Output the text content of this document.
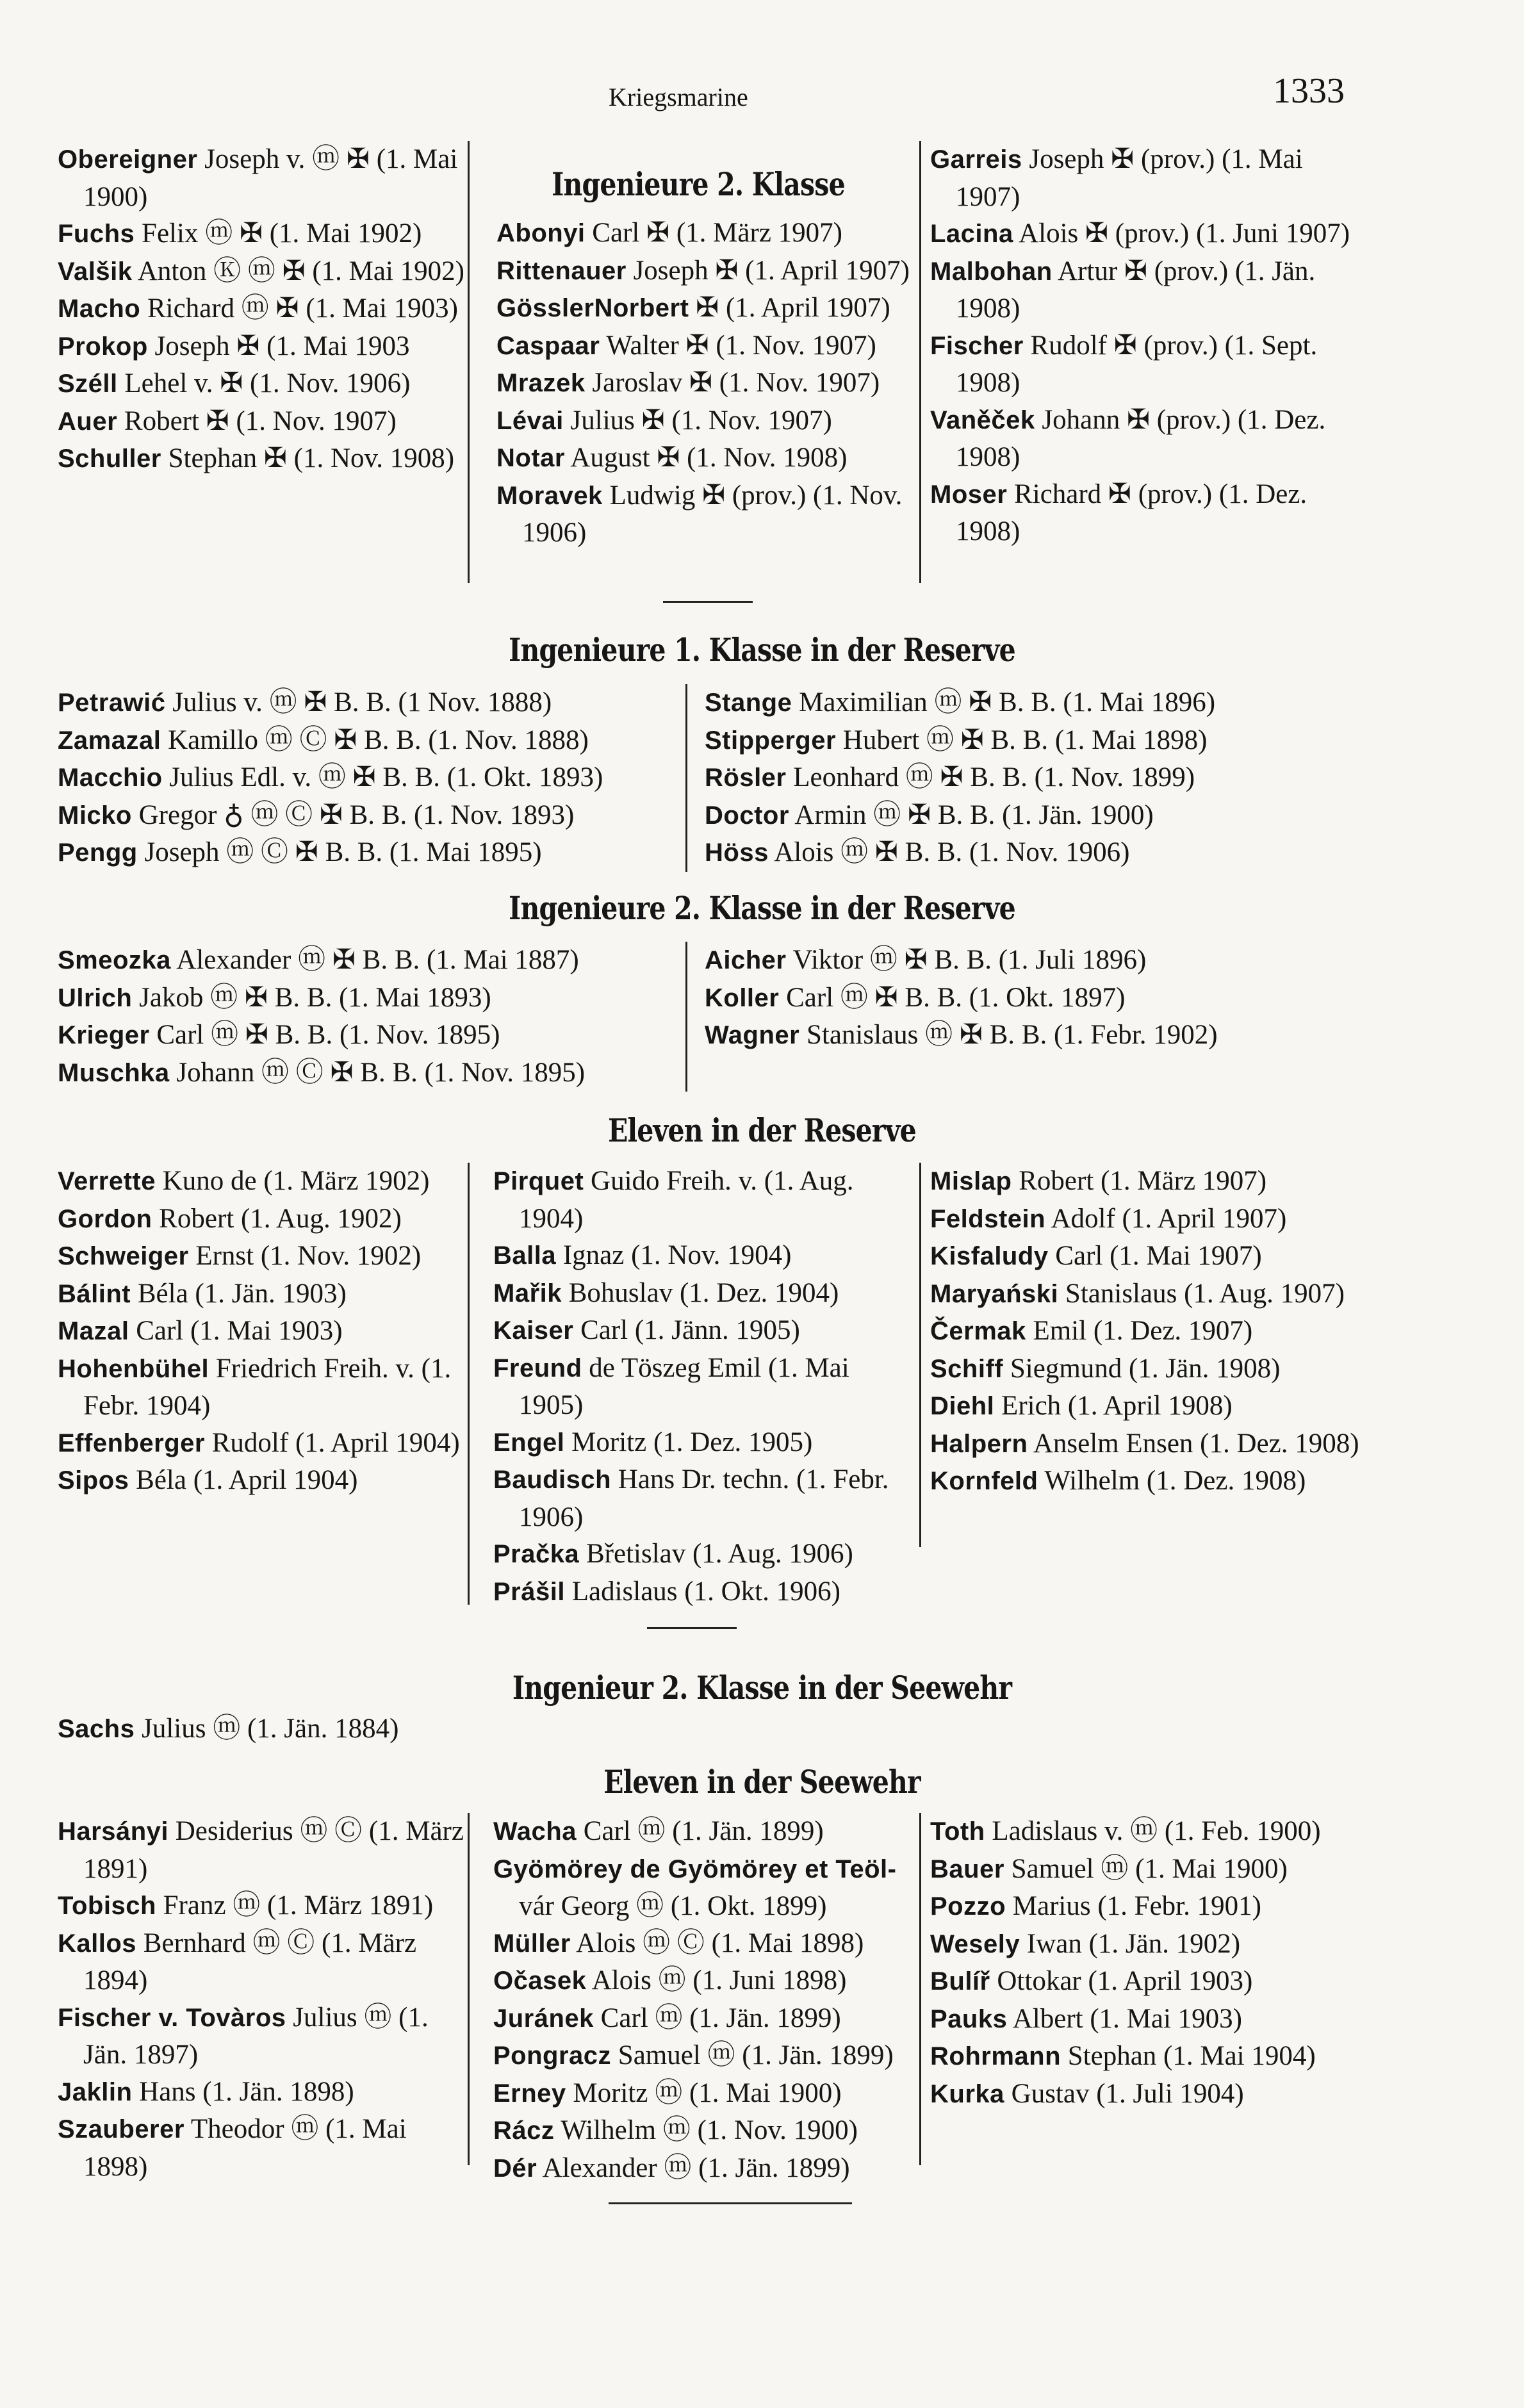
Kriegsmarine	1333
Obereigner Joseph v. ⓜ ✠ (1. Mai 1900)
Fuchs Felix ⓜ ✠ (1. Mai 1902)
Valšik Anton Ⓚ ⓜ ✠ (1. Mai 1902)
Macho Richard ⓜ ✠ (1. Mai 1903)
Prokop Joseph ✠ (1. Mai 1903
Széll Lehel v. ✠ (1. Nov. 1906)
Auer Robert ✠ (1. Nov. 1907)
Schuller Stephan ✠ (1. Nov. 1908)
Ingenieure 2. Klasse
Abonyi Carl ✠ (1. März 1907)
Rittenauer Joseph ✠ (1. April 1907)
GösslerNorbert ✠ (1. April 1907)
Caspaar Walter ✠ (1. Nov. 1907)
Mrazek Jaroslav ✠ (1. Nov. 1907)
Lévai Julius ✠ (1. Nov. 1907)
Notar August ✠ (1. Nov. 1908)
Moravek Ludwig ✠ (prov.) (1. Nov. 1906)
Garreis Joseph ✠ (prov.) (1. Mai 1907)
Lacina Alois ✠ (prov.) (1. Juni 1907)
Malbohan Artur ✠ (prov.) (1. Jän. 1908)
Fischer Rudolf ✠ (prov.) (1. Sept. 1908)
Vaněček Johann ✠ (prov.) (1. Dez. 1908)
Moser Richard ✠ (prov.) (1. Dez. 1908)
Ingenieure 1. Klasse in der Reserve
Petrawić Julius v. ⓜ ✠ B. B. (1 Nov. 1888)
Zamazal Kamillo ⓜ Ⓒ ✠ B. B. (1. Nov. 1888)
Macchio Julius Edl. v. ⓜ ✠ B. B. (1. Okt. 1893)
Micko Gregor ♁ ⓜ Ⓒ ✠ B. B. (1. Nov. 1893)
Pengg Joseph ⓜ Ⓒ ✠ B. B. (1. Mai 1895)
Stange Maximilian ⓜ ✠ B. B. (1. Mai 1896)
Stipperger Hubert ⓜ ✠ B. B. (1. Mai 1898)
Rösler Leonhard ⓜ ✠ B. B. (1. Nov. 1899)
Doctor Armin ⓜ ✠ B. B. (1. Jän. 1900)
Höss Alois ⓜ ✠ B. B. (1. Nov. 1906)
Ingenieure 2. Klasse in der Reserve
Smeozka Alexander ⓜ ✠ B. B. (1. Mai 1887)
Ulrich Jakob ⓜ ✠ B. B. (1. Mai 1893)
Krieger Carl ⓜ ✠ B. B. (1. Nov. 1895)
Muschka Johann ⓜ Ⓒ ✠ B. B. (1. Nov. 1895)
Aicher Viktor ⓜ ✠ B. B. (1. Juli 1896)
Koller Carl ⓜ ✠ B. B. (1. Okt. 1897)
Wagner Stanislaus ⓜ ✠ B. B. (1. Febr. 1902)
Eleven in der Reserve
Verrette Kuno de (1. März 1902)
Gordon Robert (1. Aug. 1902)
Schweiger Ernst (1. Nov. 1902)
Bálint Béla (1. Jän. 1903)
Mazal Carl (1. Mai 1903)
Hohenbühel Friedrich Freih. v. (1. Febr. 1904)
Effenberger Rudolf (1. April 1904)
Sipos Béla (1. April 1904)
Pirquet Guido Freih. v. (1. Aug. 1904)
Balla Ignaz (1. Nov. 1904)
Mařik Bohuslav (1. Dez. 1904)
Kaiser Carl (1. Jänn. 1905)
Freund de Töszeg Emil (1. Mai 1905)
Engel Moritz (1. Dez. 1905)
Baudisch Hans Dr. techn. (1. Febr. 1906)
Pračka Břetislav (1. Aug. 1906)
Prášil Ladislaus (1. Okt. 1906)
Mislap Robert (1. März 1907)
Feldstein Adolf (1. April 1907)
Kisfaludy Carl (1. Mai 1907)
Maryański Stanislaus (1. Aug. 1907)
Čermak Emil (1. Dez. 1907)
Schiff Siegmund (1. Jän. 1908)
Diehl Erich (1. April 1908)
Halpern Anselm Ensen (1. Dez. 1908)
Kornfeld Wilhelm (1. Dez. 1908)
Ingenieur 2. Klasse in der Seewehr
Sachs Julius ⓜ (1. Jän. 1884)
Eleven in der Seewehr
Harsányi Desiderius ⓜ Ⓒ (1. März 1891)
Tobisch Franz ⓜ (1. März 1891)
Kallos Bernhard ⓜ Ⓒ (1. März 1894)
Fischer v. Tovàros Julius ⓜ (1. Jän. 1897)
Jaklin Hans (1. Jän. 1898)
Szauberer Theodor ⓜ (1. Mai 1898)
Wacha Carl ⓜ (1. Jän. 1899)
Gyömörey de Gyömörey et Teöl- vár Georg ⓜ (1. Okt. 1899)
Müller Alois ⓜ Ⓒ (1. Mai 1898)
Očasek Alois ⓜ (1. Juni 1898)
Juránek Carl ⓜ (1. Jän. 1899)
Pongracz Samuel ⓜ (1. Jän. 1899)
Erney Moritz ⓜ (1. Mai 1900)
Rácz Wilhelm ⓜ (1. Nov. 1900)
Dér Alexander ⓜ (1. Jän. 1899)
Toth Ladislaus v. ⓜ (1. Feb. 1900)
Bauer Samuel ⓜ (1. Mai 1900)
Pozzo Marius (1. Febr. 1901)
Wesely Iwan (1. Jän. 1902)
Bulíř Ottokar (1. April 1903)
Pauks Albert (1. Mai 1903)
Rohrmann Stephan (1. Mai 1904)
Kurka Gustav (1. Juli 1904)
